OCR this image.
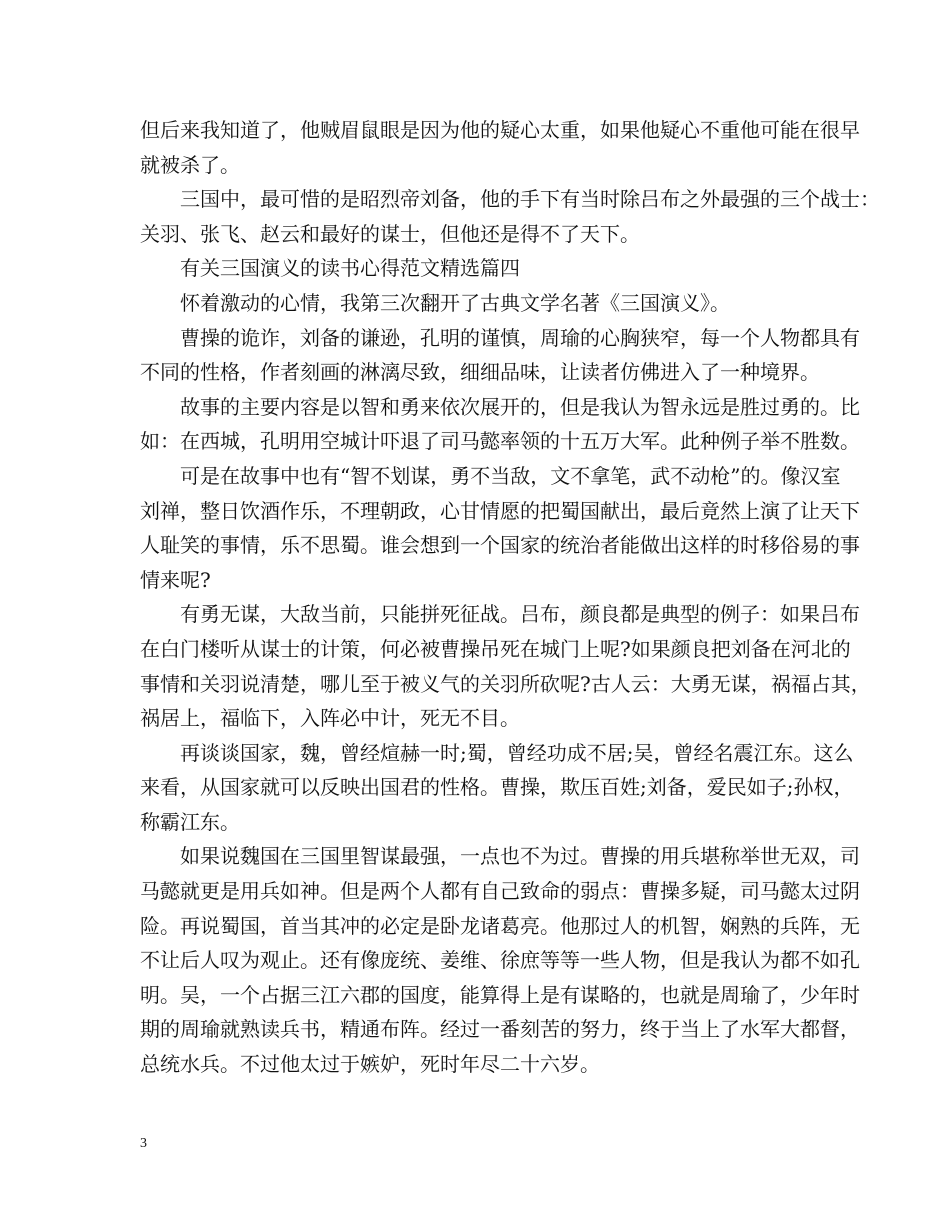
但后来我知道了，他贼眉鼠眼是因为他的疑心太重，如果他疑心不重他可能在很早
就被杀了。
三国中，最可惜的是昭烈帝刘备，他的手下有当时除吕布之外最强的三个战士：
关羽、张飞、赵云和最好的谋士，但他还是得不了天下。
有关三国演义的读书心得范文精选篇四
怀着激动的心情，我第三次翻开了古典文学名著《三国演义》。
曹操的诡诈，刘备的谦逊，孔明的谨慎，周瑜的心胸狭窄，每一个人物都具有
不同的性格，作者刻画的淋漓尽致，细细品味，让读者仿佛进入了一种境界。
故事的主要内容是以智和勇来依次展开的，但是我认为智永远是胜过勇的。比
如：在西城，孔明用空城计吓退了司马懿率领的十五万大军。此种例子举不胜数。
可是在故事中也有“智不划谋，勇不当敌，文不拿笔，武不动枪”的。像汉室
刘禅，整日饮酒作乐，不理朝政，心甘情愿的把蜀国献出，最后竟然上演了让天下
人耻笑的事情，乐不思蜀。谁会想到一个国家的统治者能做出这样的时移俗易的事
情来呢?
有勇无谋，大敌当前，只能拼死征战。吕布，颜良都是典型的例子：如果吕布
在白门楼听从谋士的计策，何必被曹操吊死在城门上呢?如果颜良把刘备在河北的
事情和关羽说清楚，哪儿至于被义气的关羽所砍呢?古人云：大勇无谋，祸福占其，
祸居上，福临下，入阵必中计，死无不目。
再谈谈国家，魏，曾经煊赫一时;蜀，曾经功成不居;吴，曾经名震江东。这么
来看，从国家就可以反映出国君的性格。曹操，欺压百姓;刘备，爱民如子;孙权，
称霸江东。
如果说魏国在三国里智谋最强，一点也不为过。曹操的用兵堪称举世无双，司
马懿就更是用兵如神。但是两个人都有自己致命的弱点：曹操多疑，司马懿太过阴
险。再说蜀国，首当其冲的必定是卧龙诸葛亮。他那过人的机智，娴熟的兵阵，无
不让后人叹为观止。还有像庞统、姜维、徐庶等等一些人物，但是我认为都不如孔
明。吴，一个占据三江六郡的国度，能算得上是有谋略的，也就是周瑜了，少年时
期的周瑜就熟读兵书，精通布阵。经过一番刻苦的努力，终于当上了水军大都督，
总统水兵。不过他太过于嫉妒，死时年尽二十六岁。
3
